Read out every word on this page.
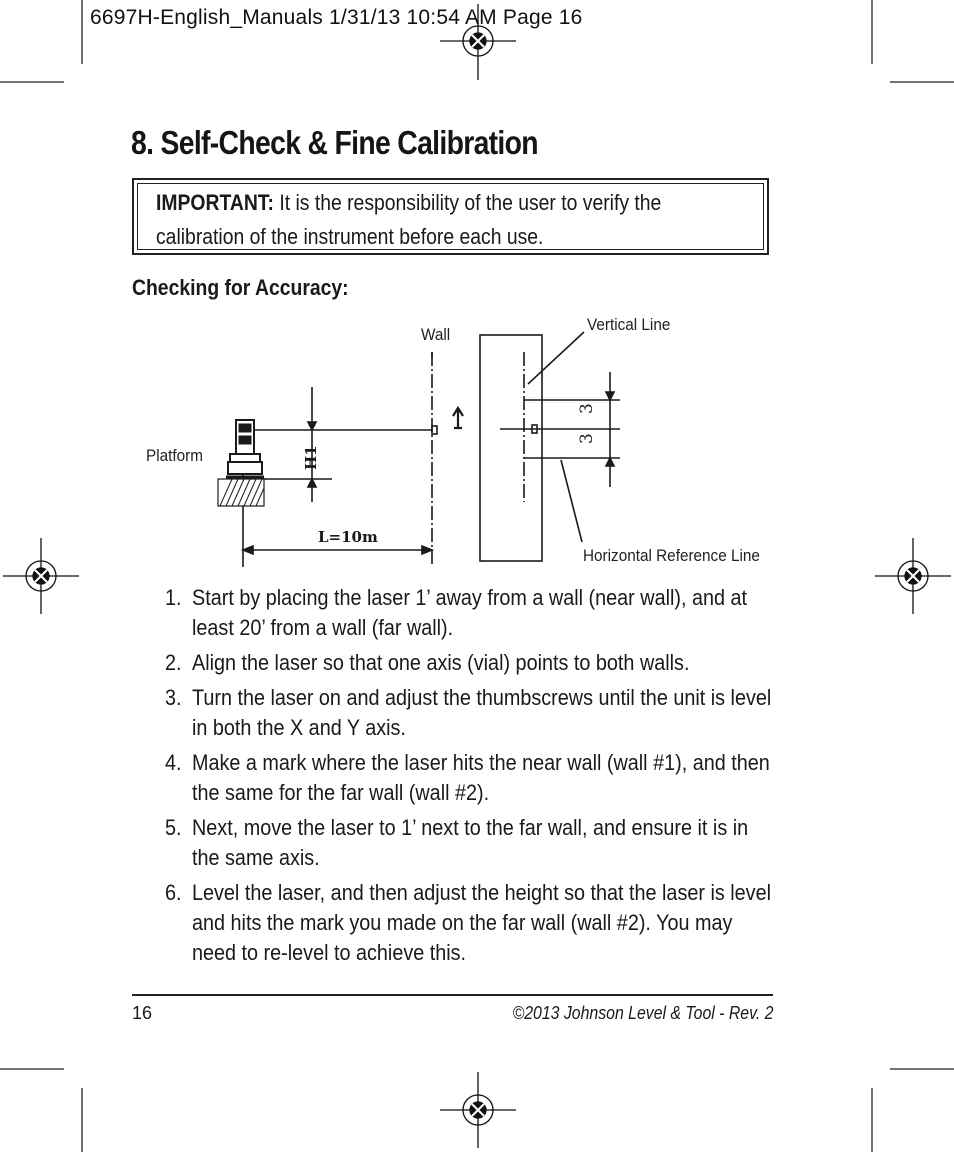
6697H-English_Manuals 1/31/13 10:54 AM Page 16
8. Self-Check & Fine Calibration
IMPORTANT: It is the responsibility of the user to verify the calibration of the instrument before each use.
Checking for Accuracy:
H1
L=10m
3
3
Wall
Vertical Line
Platform
Horizontal Reference Line
1. Start by placing the laser 1’ away from a wall (near wall), and at least 20’ from a wall (far wall).
2. Align the laser so that one axis (vial) points to both walls.
3. Turn the laser on and adjust the thumbscrews until the unit is level in both the X and Y axis.
4. Make a mark where the laser hits the near wall (wall #1), and then the same for the far wall (wall #2).
5. Next, move the laser to 1’ next to the far wall, and ensure it is in the same axis.
6. Level the laser, and then adjust the height so that the laser is level and hits the mark you made on the far wall (wall #2). You may need to re-level to achieve this.
16	©2013 Johnson Level & Tool - Rev. 2
